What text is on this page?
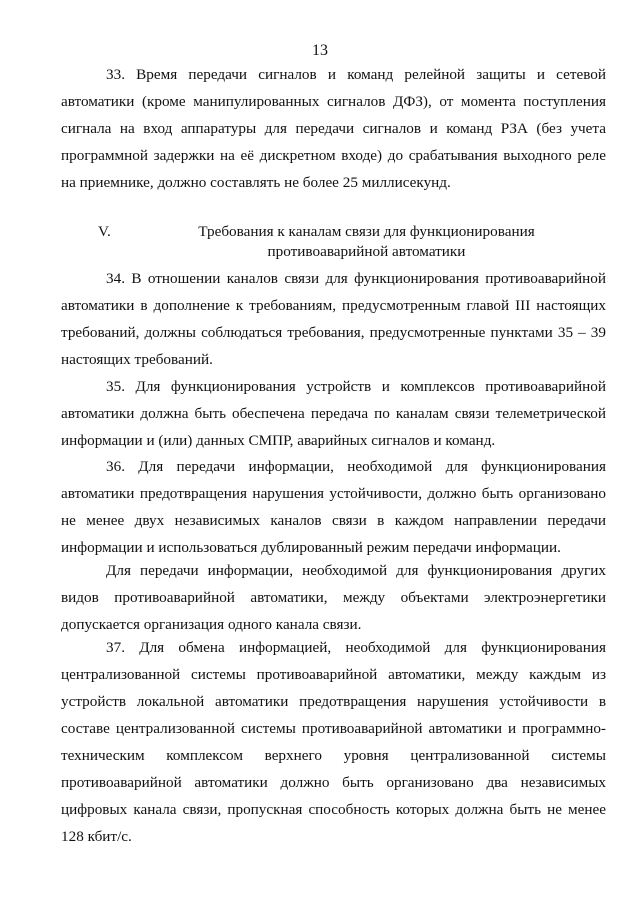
13

33. Время передачи сигналов и команд релейной защиты и сетевой автоматики (кроме манипулированных сигналов ДФЗ), от момента поступления сигнала на вход аппаратуры для передачи сигналов и команд РЗА (без учета программной задержки на её дискретном входе) до срабатывания выходного реле на приемнике, должно составлять не более 25 миллисекунд.

V.	Требования к каналам связи для функционирования противоаварийной автоматики

34. В отношении каналов связи для функционирования противоаварийной автоматики в дополнение к требованиям, предусмотренным главой III настоящих требований, должны соблюдаться требования, предусмотренные пунктами 35 – 39 настоящих требований.

35. Для функционирования устройств и комплексов противоаварийной автоматики должна быть обеспечена передача по каналам связи телеметрической информации и (или) данных СМПР, аварийных сигналов и команд.

36. Для передачи информации, необходимой для функционирования автоматики предотвращения нарушения устойчивости, должно быть организовано не менее двух независимых каналов связи в каждом направлении передачи информации и использоваться дублированный режим передачи информации.

Для передачи информации, необходимой для функционирования других видов противоаварийной автоматики, между объектами электроэнергетики допускается организация одного канала связи.

37. Для обмена информацией, необходимой для функционирования централизованной системы противоаварийной автоматики, между каждым из устройств локальной автоматики предотвращения нарушения устойчивости в составе централизованной системы противоаварийной автоматики и программно-техническим комплексом верхнего уровня централизованной системы противоаварийной автоматики должно быть организовано два независимых цифровых канала связи, пропускная способность которых должна быть не менее 128 кбит/с.
